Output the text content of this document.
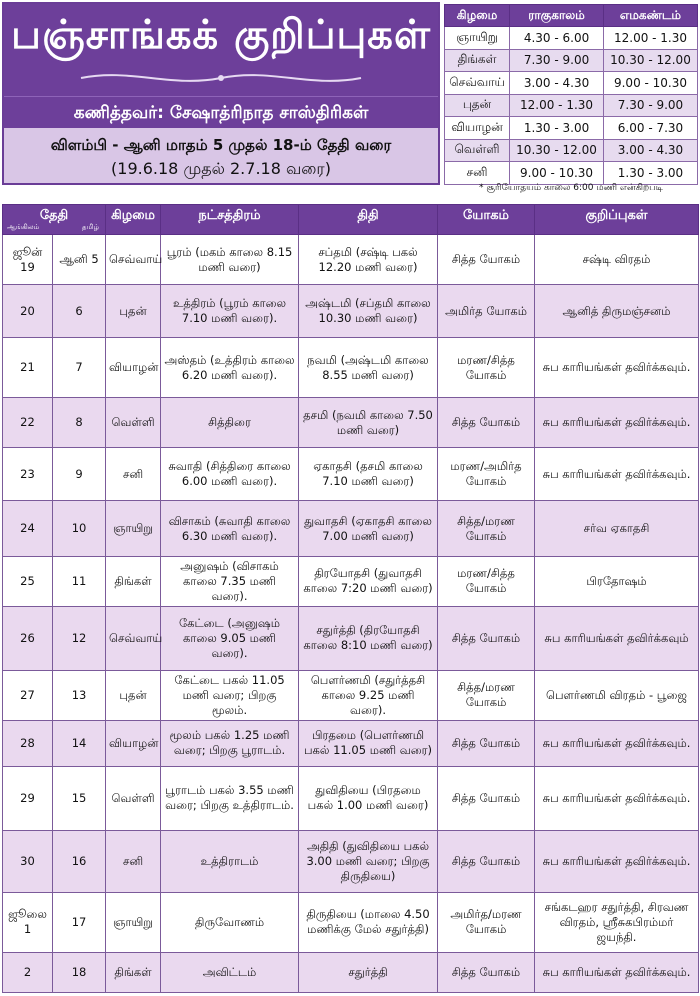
பஞ்சாங்கக் குறிப்புகள்
கணித்தவர்: சேஷாத்ரிநாத சாஸ்திரிகள்
விளம்பி - ஆனி மாதம் 5 முதல் 18-ம் தேதி வரை
(19.6.18 முதல் 2.7.18 வரை)
கிழமை	ராகுகாலம்	எமகண்டம்
ஞாயிறு	4.30 - 6.00	12.00 - 1.30
திங்கள்	7.30 - 9.00	10.30 - 12.00
செவ்வாய்	3.00 - 4.30	9.00 - 10.30
புதன்	12.00 - 1.30	7.30 - 9.00
வியாழன்	1.30 - 3.00	6.00 - 7.30
வெள்ளி	10.30 - 12.00	3.00 - 4.30
சனி	9.00 - 10.30	1.30 - 3.00
* சூரியோதயம் காலை 6:00 மணி என்கிறபடி
தேதி
ஆங்கிலம் தமிழ்		கிழமை	நட்சத்திரம்	திதி	யோகம்	குறிப்புகள்
ஜூன் 19	ஆனி 5	செவ்வாய்	பூரம் (மகம் காலை 8.15 மணி வரை)	சப்தமி (சஷ்டி பகல் 12.20 மணி வரை)	சித்த யோகம்	சஷ்டி விரதம்
20	6	புதன்	உத்திரம் (பூரம் காலை 7.10 மணி வரை).	அஷ்டமி (சப்தமி காலை 10.30 மணி வரை)	அமிர்த யோகம்	ஆனித் திருமஞ்சனம்
21	7	வியாழன்	அஸ்தம் (உத்திரம் காலை 6.20 மணி வரை).	நவமி (அஷ்டமி காலை 8.55 மணி வரை)	மரண/சித்த யோகம்	சுப காரியங்கள் தவிர்க்கவும்.
22	8	வெள்ளி	சித்திரை	தசமி (நவமி காலை 7.50 மணி வரை)	சித்த யோகம்	சுப காரியங்கள் தவிர்க்கவும்.
23	9	சனி	சுவாதி (சித்திரை காலை 6.00 மணி வரை).	ஏகாதசி (தசமி காலை 7.10 மணி வரை)	மரண/அமிர்த யோகம்	சுப காரியங்கள் தவிர்க்கவும்.
24	10	ஞாயிறு	விசாகம் (சுவாதி காலை 6.30 மணி வரை).	துவாதசி (ஏகாதசி காலை 7.00 மணி வரை)	சித்த/மரண யோகம்	சர்வ ஏகாதசி
25	11	திங்கள்	அனுஷம் (விசாகம் காலை 7.35 மணி வரை).	திரயோதசி (துவாதசி காலை 7:20 மணி வரை)	மரண/சித்த யோகம்	பிரதோஷம்
26	12	செவ்வாய்	கேட்டை (அனுஷம் காலை 9.05 மணி வரை).	சதுர்த்தி (திரயோதசி காலை 8:10 மணி வரை)	சித்த யோகம்	சுப காரியங்கள் தவிர்க்கவும்
27	13	புதன்	கேட்டை பகல் 11.05 மணி வரை; பிறகு மூலம்.	பௌர்ணமி (சதுர்த்தசி காலை 9.25 மணி வரை).	சித்த/மரண யோகம்	பௌர்ணமி விரதம் - பூஜை
28	14	வியாழன்	மூலம் பகல் 1.25 மணி வரை; பிறகு பூராடம்.	பிரதமை (பௌர்ணமி பகல் 11.05 மணி வரை)	சித்த யோகம்	சுப காரியங்கள் தவிர்க்கவும்.
29	15	வெள்ளி	பூராடம் பகல் 3.55 மணி வரை; பிறகு உத்திராடம்.	துவிதியை (பிரதமை பகல் 1.00 மணி வரை)	சித்த யோகம்	சுப காரியங்கள் தவிர்க்கவும்.
30	16	சனி	உத்திராடம்	அதிதி (துவிதியை பகல் 3.00 மணி வரை; பிறகு திருதியை)	சித்த யோகம்	சுப காரியங்கள் தவிர்க்கவும்.
ஜூலை 1	17	ஞாயிறு	திருவோணம்	திருதியை (மாலை 4.50 மணிக்கு மேல் சதுர்த்தி)	அமிர்த/மரண யோகம்	சங்கடஹர சதுர்த்தி, சிரவண விரதம், ஸ்ரீசுகபிரம்மர் ஜயந்தி.
2	18	திங்கள்	அவிட்டம்	சதுர்த்தி	சித்த யோகம்	சுப காரியங்கள் தவிர்க்கவும்.
